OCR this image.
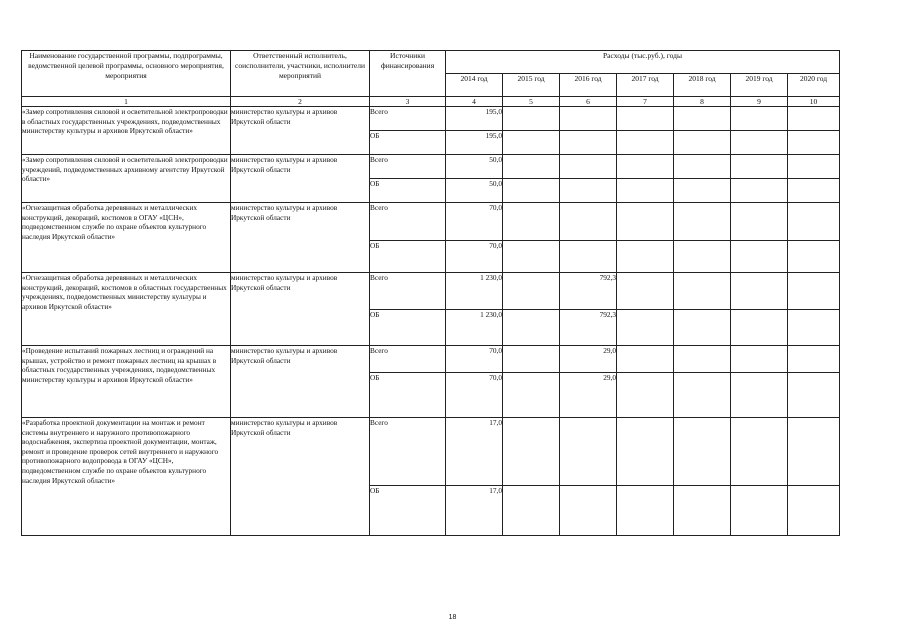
Наименование государственной программы, подпрограммы, ведомственной целевой программы, основного мероприятия, мероприятия	Ответственный исполнитель, соисполнители, участники, исполнители мероприятий	Источники финансирования	Расходы (тыс.руб.), годы						
			2014 год	2015 год	2016 год	2017 год	2018 год	2019 год	2020 год
1	2	3	4	5	6	7	8	9	10
«Замер сопротивления силовой и осветительной электропроводки в областных государственных учреждениях, подведомственных министерству культуры и архивов Иркутской области»	министерство культуры и архивов Иркутской области	Всего	195,0						
		ОБ	195,0						
«Замер сопротивления силовой и осветительной электропроводки учреждений, подведомственных архивному агентству Иркутской области»	министерство культуры и архивов Иркутской области	Всего	50,0						
		ОБ	50,0						
«Огнезащитная обработка деревянных и металлических конструкций, декораций, костюмов в ОГАУ «ЦСН», подведомственном службе по охране объектов культурного наследия Иркутской области»	министерство культуры и архивов Иркутской области	Всего	70,0						
		ОБ	70,0						
«Огнезащитная обработка деревянных и металлических конструкций, декораций, костюмов в областных государственных учреждениях, подведомственных министерству культуры и архивов Иркутской области»	министерство культуры и архивов Иркутской области	Всего	1 230,0		792,3				
		ОБ	1 230,0		792,3				
«Проведение испытаний пожарных лестниц и ограждений на крышах, устройство и ремонт пожарных лестниц на крышах в областных государственных учреждениях, подведомственных министерству культуры и архивов Иркутской области»	министерство культуры и архивов Иркутской области	Всего	70,0		29,0				
		ОБ	70,0		29,0				
«Разработка проектной документации на монтаж и ремонт системы внутреннего и наружного противопожарного водоснабжения, экспертиза проектной документации, монтаж, ремонт и проведение проверок сетей внутреннего и наружного противопожарного водопровода в ОГАУ «ЦСН», подведомственном службе по охране объектов культурного наследия Иркутской области»	министерство культуры и архивов Иркутской области	Всего	17,0						
		ОБ	17,0						
18
